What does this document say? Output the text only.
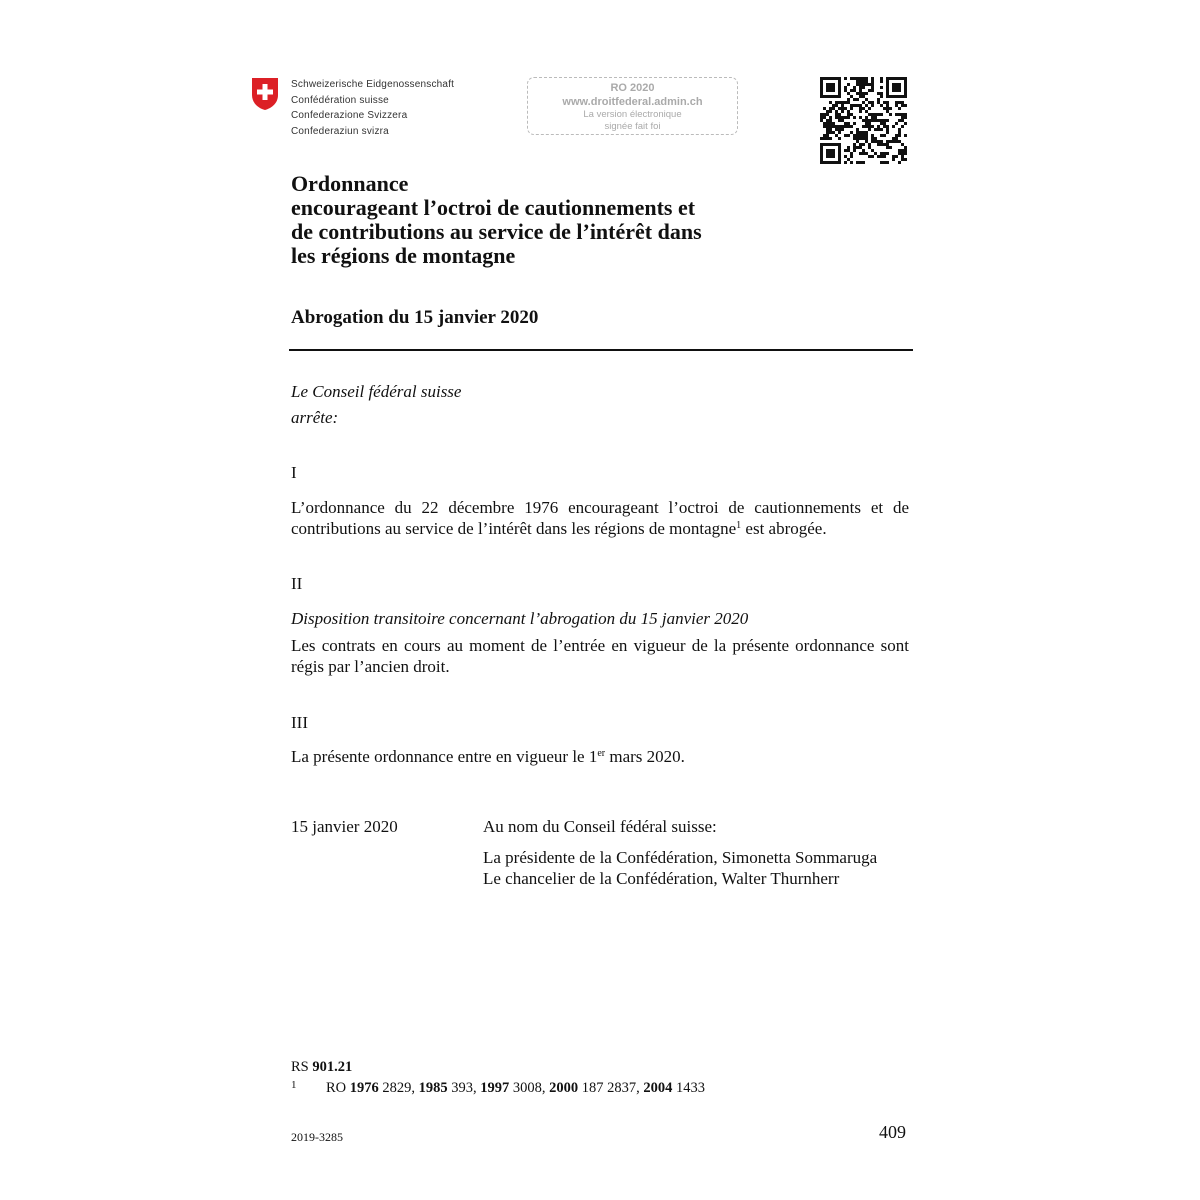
Schweizerische Eidgenossenschaft
Confédération suisse
Confederazione Svizzera
Confederaziun svizra
RO 2020
www.droitfederal.admin.ch
La version électronique
signée fait foi
Ordonnance
encourageant l’octroi de cautionnements et
de contributions au service de l’intérêt dans
les régions de montagne
Abrogation du 15 janvier 2020
Le Conseil fédéral suisse
arrête:
I
L’ordonnance du 22 décembre 1976 encourageant l’octroi de cautionnements et de contributions au service de l’intérêt dans les régions de montagne$^1$ est abrogée.
II
Disposition transitoire concernant l’abrogation du 15 janvier 2020
Les contrats en cours au moment de l’entrée en vigueur de la présente ordonnance sont régis par l’ancien droit.
III
La présente ordonnance entre en vigueur le 1er mars 2020.
15 janvier 2020	Au nom du Conseil fédéral suisse:
La présidente de la Confédération, Simonetta Sommaruga
Le chancelier de la Confédération, Walter Thurnherr
RS 901.21
1 RO 1976 2829, 1985 393, 1997 3008, 2000 187 2837, 2004 1433
2019-3285	409
